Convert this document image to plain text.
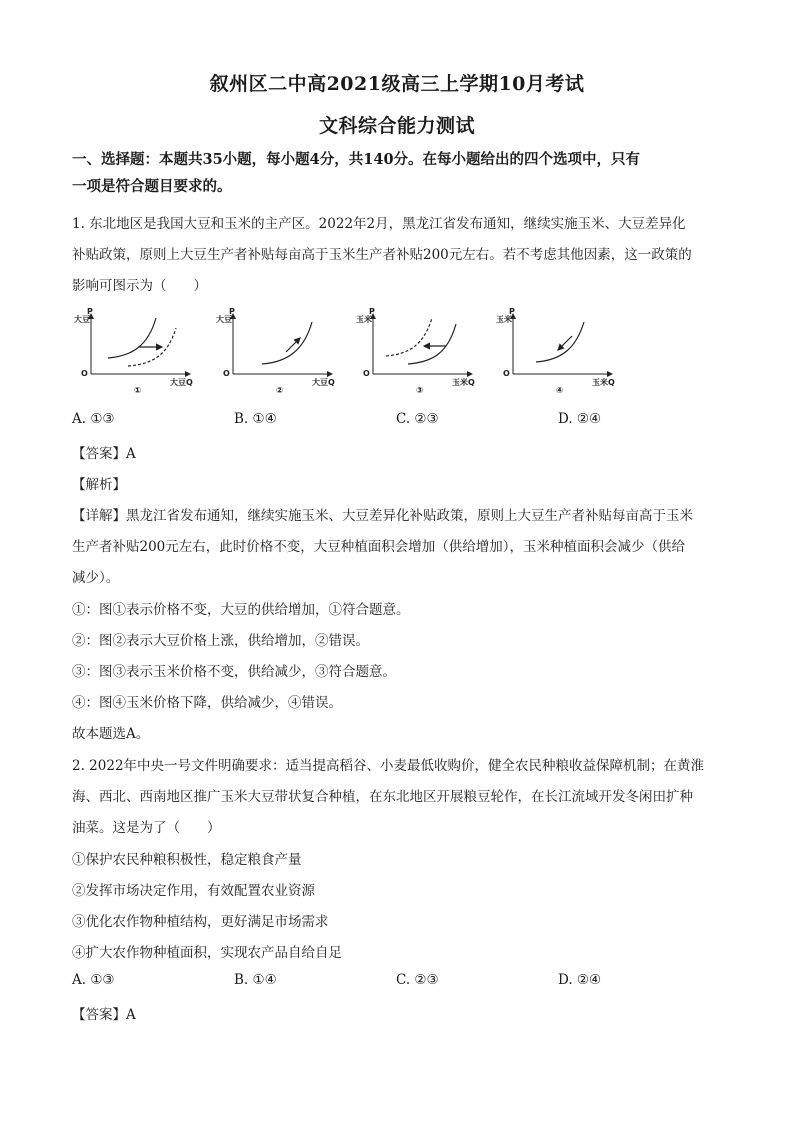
叙州区二中高2021级高三上学期10月考试
文科综合能力测试
一、选择题：本题共35小题，每小题4分，共140分。在每小题给出的四个选项中，只有
一项是符合题目要求的。
1. 东北地区是我国大豆和玉米的主产区。2022年2月，黑龙江省发布通知，继续实施玉米、大豆差异化
补贴政策，原则上大豆生产者补贴每亩高于玉米生产者补贴200元左右。若不考虑其他因素，这一政策的
影响可图示为（　　）
P
大豆
O
大豆Q
①
P
大豆
O
大豆Q
②
P
玉米
O
玉米Q
③
P
玉米
O
玉米Q
④
A. ①③	B. ①④	C. ②③	D. ②④
【答案】A
【解析】
【详解】黑龙江省发布通知，继续实施玉米、大豆差异化补贴政策，原则上大豆生产者补贴每亩高于玉米
生产者补贴200元左右，此时价格不变，大豆种植面积会增加（供给增加），玉米种植面积会减少（供给
减少）。
①：图①表示价格不变，大豆的供给增加，①符合题意。
②：图②表示大豆价格上涨，供给增加，②错误。
③：图③表示玉米价格不变，供给减少，③符合题意。
④：图④玉米价格下降，供给减少，④错误。
故本题选A。
2. 2022年中央一号文件明确要求：适当提高稻谷、小麦最低收购价，健全农民种粮收益保障机制；在黄淮
海、西北、西南地区推广玉米大豆带状复合种植，在东北地区开展粮豆轮作，在长江流域开发冬闲田扩种
油菜。这是为了（　　）
①保护农民种粮积极性，稳定粮食产量
②发挥市场决定作用，有效配置农业资源
③优化农作物种植结构，更好满足市场需求
④扩大农作物种植面积，实现农产品自给自足
A. ①③	B. ①④	C. ②③	D. ②④
【答案】A
